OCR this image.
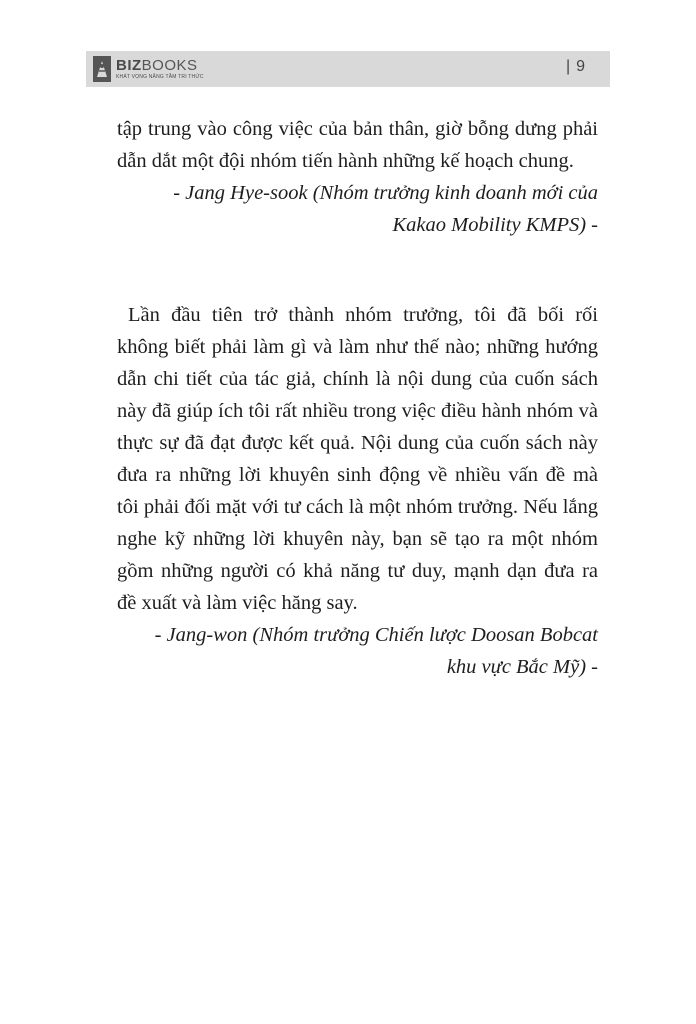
BIZBOOKS
KHÁT VỌNG NÂNG TẦM TRI THỨC
| 9
tập trung vào công việc của bản thân, giờ bỗng dưng phải
dẫn dắt một đội nhóm tiến hành những kế hoạch chung.
- Jang Hye-sook (Nhóm trưởng kinh doanh mới của
Kakao Mobility KMPS) -
Lần đầu tiên trở thành nhóm trưởng, tôi đã bối rối
không biết phải làm gì và làm như thế nào; những hướng
dẫn chi tiết của tác giả, chính là nội dung của cuốn sách
này đã giúp ích tôi rất nhiều trong việc điều hành nhóm và
thực sự đã đạt được kết quả. Nội dung của cuốn sách này
đưa ra những lời khuyên sinh động về nhiều vấn đề mà
tôi phải đối mặt với tư cách là một nhóm trưởng. Nếu lắng
nghe kỹ những lời khuyên này, bạn sẽ tạo ra một nhóm
gồm những người có khả năng tư duy, mạnh dạn đưa ra
đề xuất và làm việc hăng say.
- Jang-won (Nhóm trưởng Chiến lược Doosan Bobcat
khu vực Bắc Mỹ) -
